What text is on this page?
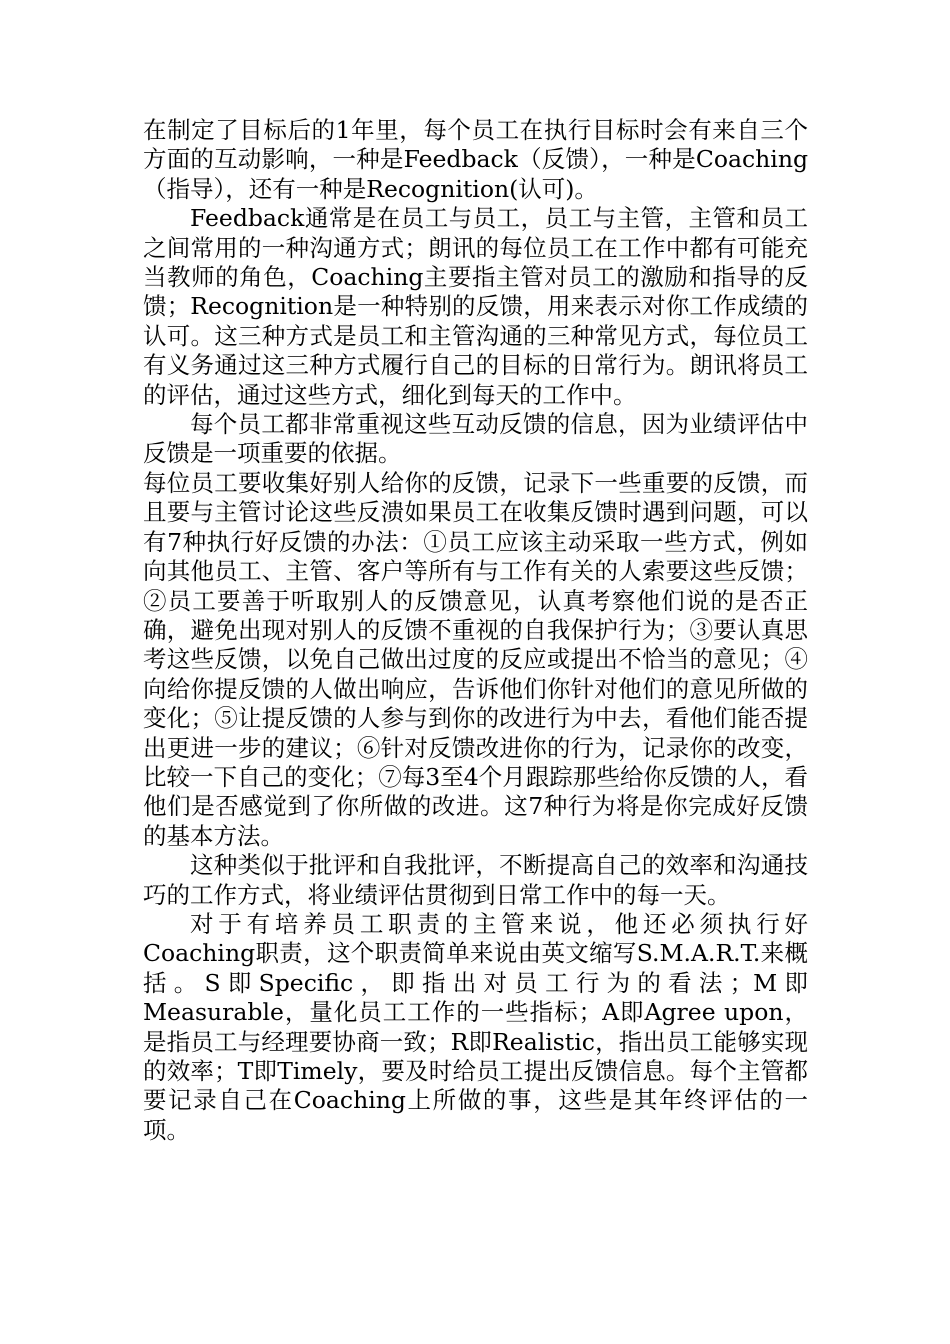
在制定了目标后的1年里，每个员工在执行目标时会有来自三个方面的互动影响，一种是Feedback（反馈），一种是Coaching（指导），还有一种是Recognition(认可)。

Feedback通常是在员工与员工，员工与主管，主管和员工之间常用的一种沟通方式；朗讯的每位员工在工作中都有可能充当教师的角色，Coaching主要指主管对员工的激励和指导的反馈；Recognition是一种特别的反馈，用来表示对你工作成绩的认可。这三种方式是员工和主管沟通的三种常见方式，每位员工有义务通过这三种方式履行自己的目标的日常行为。朗讯将员工的评估，通过这些方式，细化到每天的工作中。

每个员工都非常重视这些互动反馈的信息，因为业绩评估中反馈是一项重要的依据。

每位员工要收集好别人给你的反馈，记录下一些重要的反馈，而且要与主管讨论这些反溃如果员工在收集反馈时遇到问题，可以有7种执行好反馈的办法：①员工应该主动采取一些方式，例如向其他员工、主管、客户等所有与工作有关的人索要这些反馈；②员工要善于听取别人的反馈意见，认真考察他们说的是否正确，避免出现对别人的反馈不重视的自我保护行为；③要认真思考这些反馈，以免自己做出过度的反应或提出不恰当的意见；④向给你提反馈的人做出响应，告诉他们你针对他们的意见所做的变化；⑤让提反馈的人参与到你的改进行为中去，看他们能否提出更进一步的建议；⑥针对反馈改进你的行为，记录你的改变，比较一下自己的变化；⑦每3至4个月跟踪那些给你反馈的人，看他们是否感觉到了你所做的改进。这7种行为将是你完成好反馈的基本方法。

这种类似于批评和自我批评，不断提高自己的效率和沟通技巧的工作方式，将业绩评估贯彻到日常工作中的每一天。

对于有培养员工职责的主管来说，他还必须执行好Coaching职责，这个职责简单来说由英文缩写S.M.A.R.T.来概括。S即Specific，即指出对员工行为的看法；M即Measurable，量化员工工作的一些指标；A即Agree upon，是指员工与经理要协商一致；R即Realistic，指出员工能够实现的效率；T即Timely，要及时给员工提出反馈信息。每个主管都要记录自己在Coaching上所做的事，这些是其年终评估的一项。
